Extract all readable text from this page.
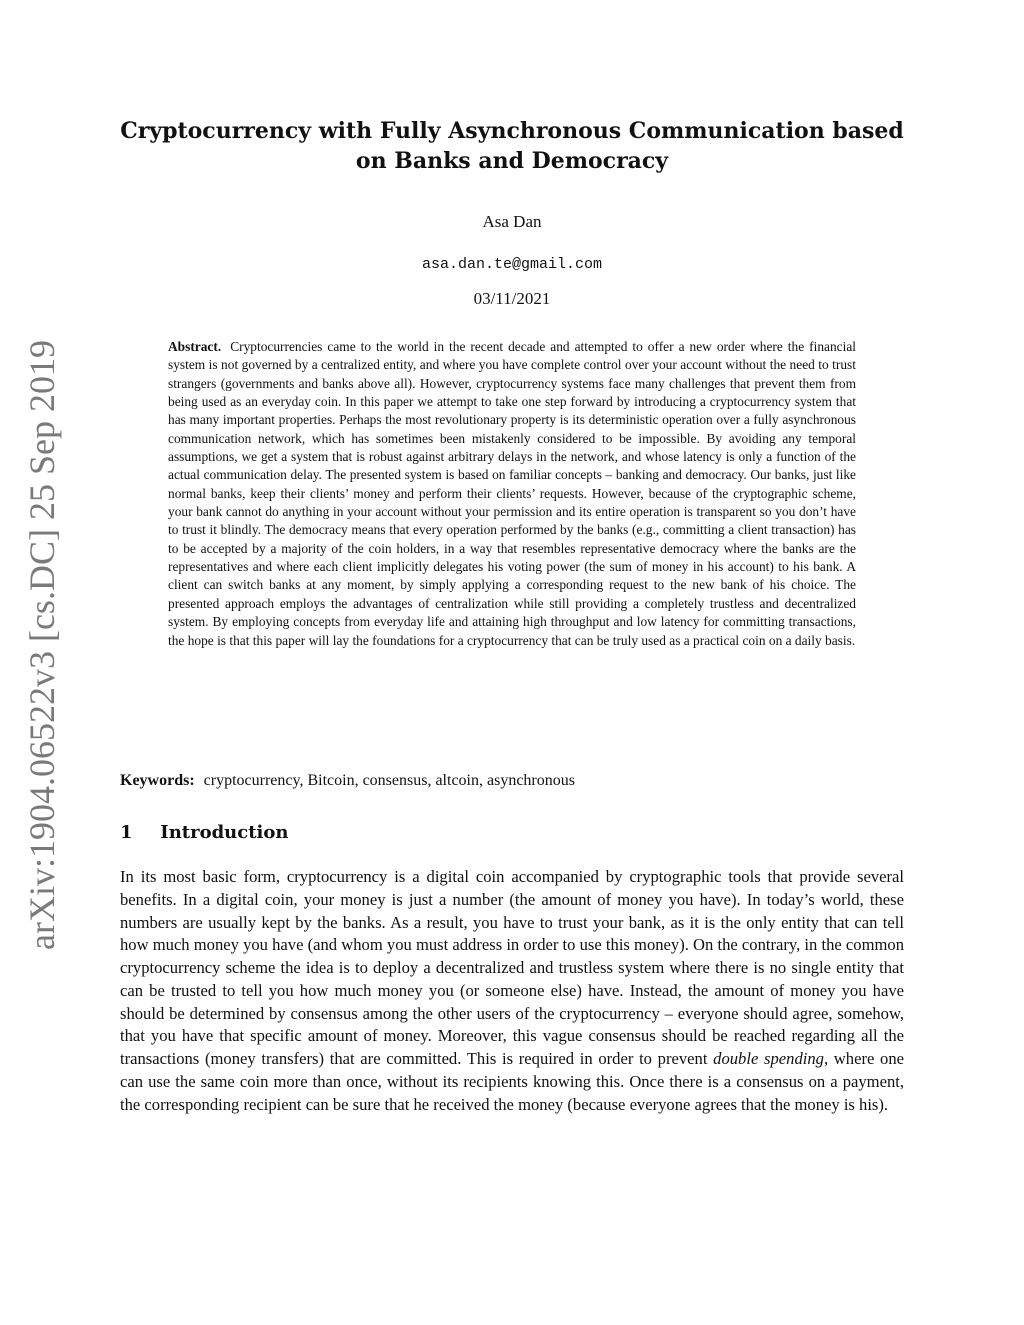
arXiv:1904.06522v3 [cs.DC] 25 Sep 2019
Cryptocurrency with Fully Asynchronous Communication based on Banks and Democracy
Asa Dan
asa.dan.te@gmail.com
03/11/2021
Abstract. Cryptocurrencies came to the world in the recent decade and attempted to offer a new order where the financial system is not governed by a centralized entity, and where you have complete control over your account without the need to trust strangers (governments and banks above all). However, cryptocurrency systems face many challenges that prevent them from being used as an everyday coin. In this paper we attempt to take one step forward by introducing a cryptocurrency system that has many important properties. Perhaps the most revolutionary property is its deterministic operation over a fully asynchronous communication network, which has sometimes been mistakenly considered to be impossible. By avoiding any temporal assumptions, we get a system that is robust against arbitrary delays in the network, and whose latency is only a function of the actual communication delay. The presented system is based on familiar concepts – banking and democracy. Our banks, just like normal banks, keep their clients’ money and perform their clients’ requests. However, because of the cryptographic scheme, your bank cannot do anything in your account without your permission and its entire operation is transparent so you don’t have to trust it blindly. The democracy means that every operation performed by the banks (e.g., committing a client transaction) has to be accepted by a majority of the coin holders, in a way that resembles representative democracy where the banks are the representatives and where each client implicitly delegates his voting power (the sum of money in his account) to his bank. A client can switch banks at any moment, by simply applying a corresponding request to the new bank of his choice. The presented approach employs the advantages of centralization while still providing a completely trustless and decentralized system. By employing concepts from everyday life and attaining high throughput and low latency for committing transactions, the hope is that this paper will lay the foundations for a cryptocurrency that can be truly used as a practical coin on a daily basis.
Keywords: cryptocurrency, Bitcoin, consensus, altcoin, asynchronous
1 Introduction
In its most basic form, cryptocurrency is a digital coin accompanied by cryptographic tools that provide several benefits. In a digital coin, your money is just a number (the amount of money you have). In today’s world, these numbers are usually kept by the banks. As a result, you have to trust your bank, as it is the only entity that can tell how much money you have (and whom you must address in order to use this money). On the contrary, in the common cryptocurrency scheme the idea is to deploy a decentralized and trustless system where there is no single entity that can be trusted to tell you how much money you (or someone else) have. Instead, the amount of money you have should be determined by consensus among the other users of the cryptocurrency – everyone should agree, somehow, that you have that specific amount of money. Moreover, this vague consensus should be reached regarding all the transactions (money transfers) that are committed. This is required in order to prevent double spending, where one can use the same coin more than once, without its recipients knowing this. Once there is a consensus on a payment, the corresponding recipient can be sure that he received the money (because everyone agrees that the money is his).
